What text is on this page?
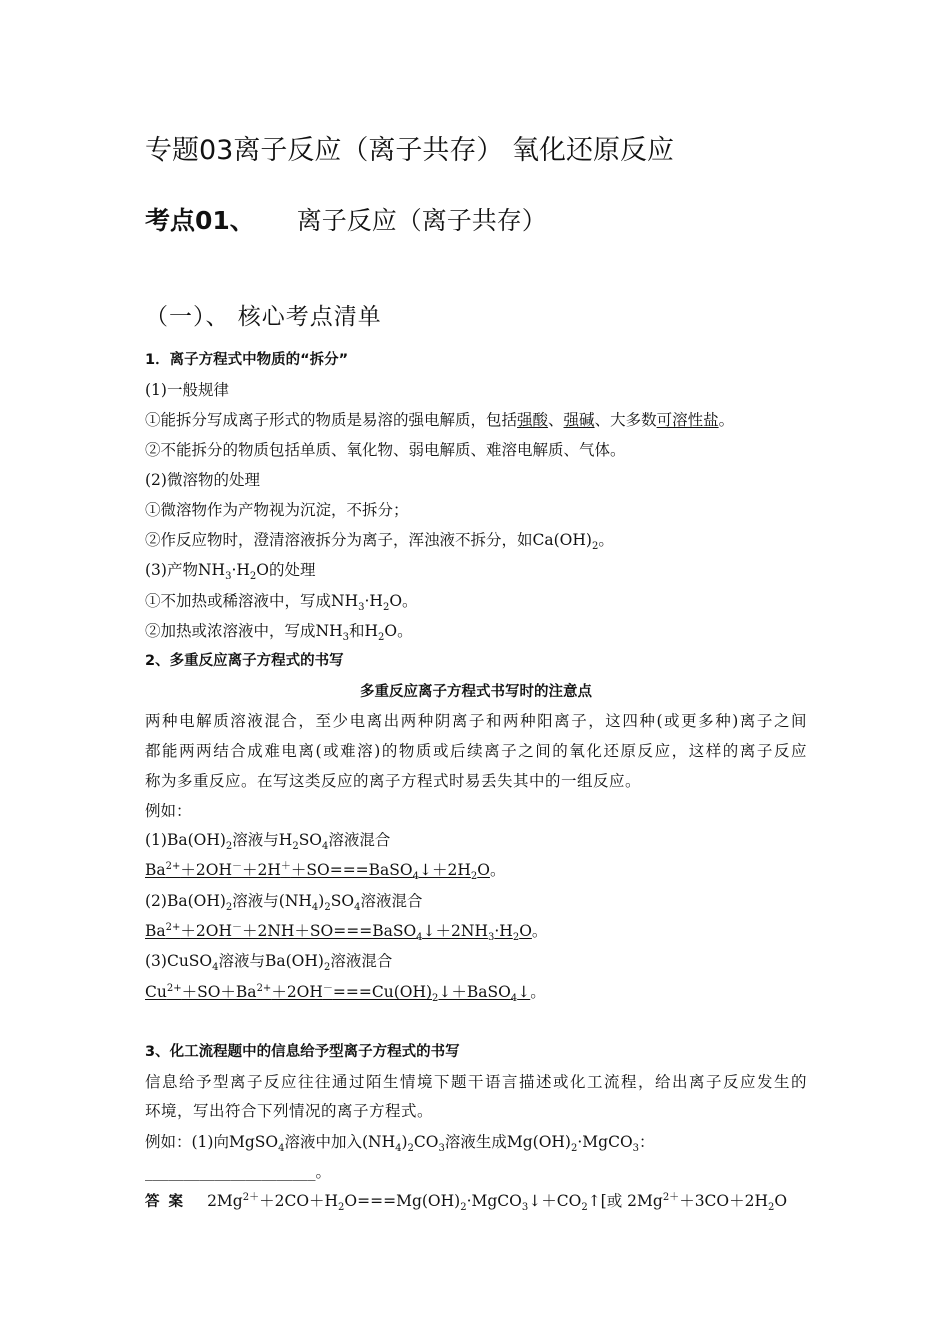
专题03离子反应（离子共存） 氧化还原反应
考点01、 离子反应（离子共存）
（一）、 核心考点清单
1．离子方程式中物质的“拆分”
(1)一般规律
①能拆分写成离子形式的物质是易溶的强电解质，包括强酸、强碱、大多数可溶性盐。
②不能拆分的物质包括单质、氧化物、弱电解质、难溶电解质、气体。
(2)微溶物的处理
①微溶物作为产物视为沉淀，不拆分；
②作反应物时，澄清溶液拆分为离子，浑浊液不拆分，如$Ca(OH)_2$。
(3)产物$NH_3\cdot H_2O$的处理
①不加热或稀溶液中，写成$NH_3\cdot H_2O$。
②加热或浓溶液中，写成$NH_3$和$H_2O$。
2、多重反应离子方程式的书写
多重反应离子方程式书写时的注意点
两种电解质溶液混合，至少电离出两种阴离子和两种阳离子，这四种(或更多种)离子之间
都能两两结合成难电离(或难溶)的物质或后续离子之间的氧化还原反应，这样的离子反应
称为多重反应。在写这类反应的离子方程式时易丢失其中的一组反应。
例如：
$(1)Ba(OH)_2$溶液与$H_2SO_4$溶液混合
$Ba^{2+}+2OH^-+2H^++SO===BaSO_4↓+2H_2O$。
$(2)Ba(OH)_2$溶液与$(NH_4)_2SO_4$溶液混合
$Ba^{2+}+2OH^-+2NH+SO===BaSO_4↓+2NH_3\cdot H_2O$。
(3)CuSO$_4$溶液与$Ba(OH)_2$溶液混合
$Cu^{2+}+SO+Ba^{2+}+2OH^-===Cu(OH)_2↓+BaSO_4↓$。
3、化工流程题中的信息给予型离子方程式的书写
信息给予型离子反应往往通过陌生情境下题干语言描述或化工流程，给出离子反应发生的
环境，写出符合下列情况的离子方程式。
例如：(1)向MgSO$_4$溶液中加入$(NH_4)_2CO_3$溶液生成$Mg(OH)_2\cdot MgCO_3$：
______________________。
答 案 $2Mg^{2+}+2CO+H_2O===Mg(OH)_2\cdot MgCO_3↓+CO_2↑$[或 $2Mg^{2+}+3CO+2H_2O$
